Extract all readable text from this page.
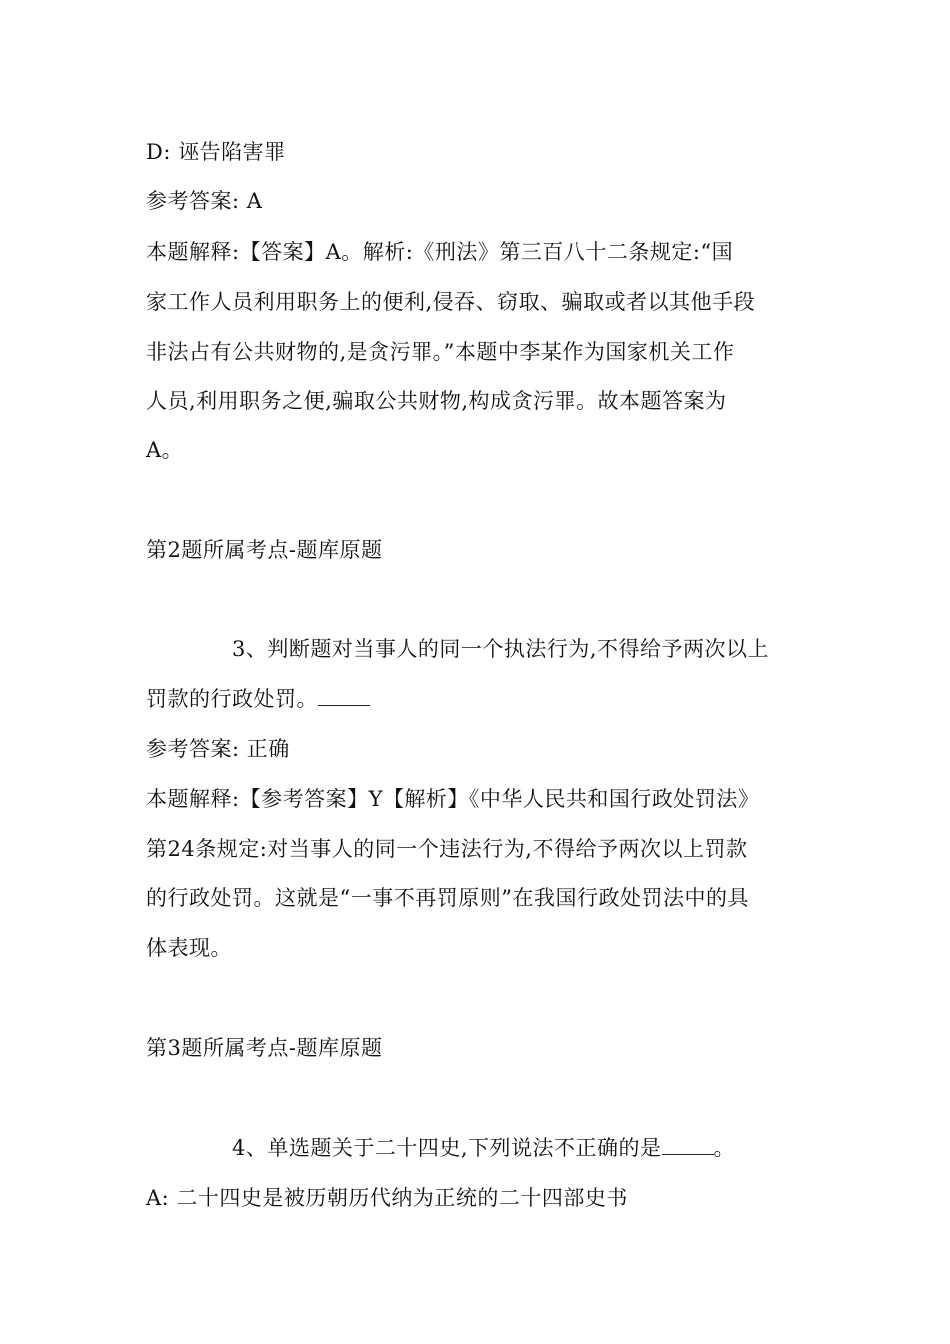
D: 诬告陷害罪
参考答案: A
本题解释:【答案】A。解析:《刑法》第三百八十二条规定:“国
家工作人员利用职务上的便利,侵吞、窃取、骗取或者以其他手段
非法占有公共财物的,是贪污罪。”本题中李某作为国家机关工作
人员,利用职务之便,骗取公共财物,构成贪污罪。故本题答案为
A。
第2题所属考点-题库原题
3、判断题对当事人的同一个执法行为,不得给予两次以上
罚款的行政处罚。
参考答案: 正确
本题解释:【参考答案】Y【解析】《中华人民共和国行政处罚法》
第24条规定:对当事人的同一个违法行为,不得给予两次以上罚款
的行政处罚。这就是“一事不再罚原则”在我国行政处罚法中的具
体表现。
第3题所属考点-题库原题
4、单选题关于二十四史,下列说法不正确的是 。
A: 二十四史是被历朝历代纳为正统的二十四部史书
